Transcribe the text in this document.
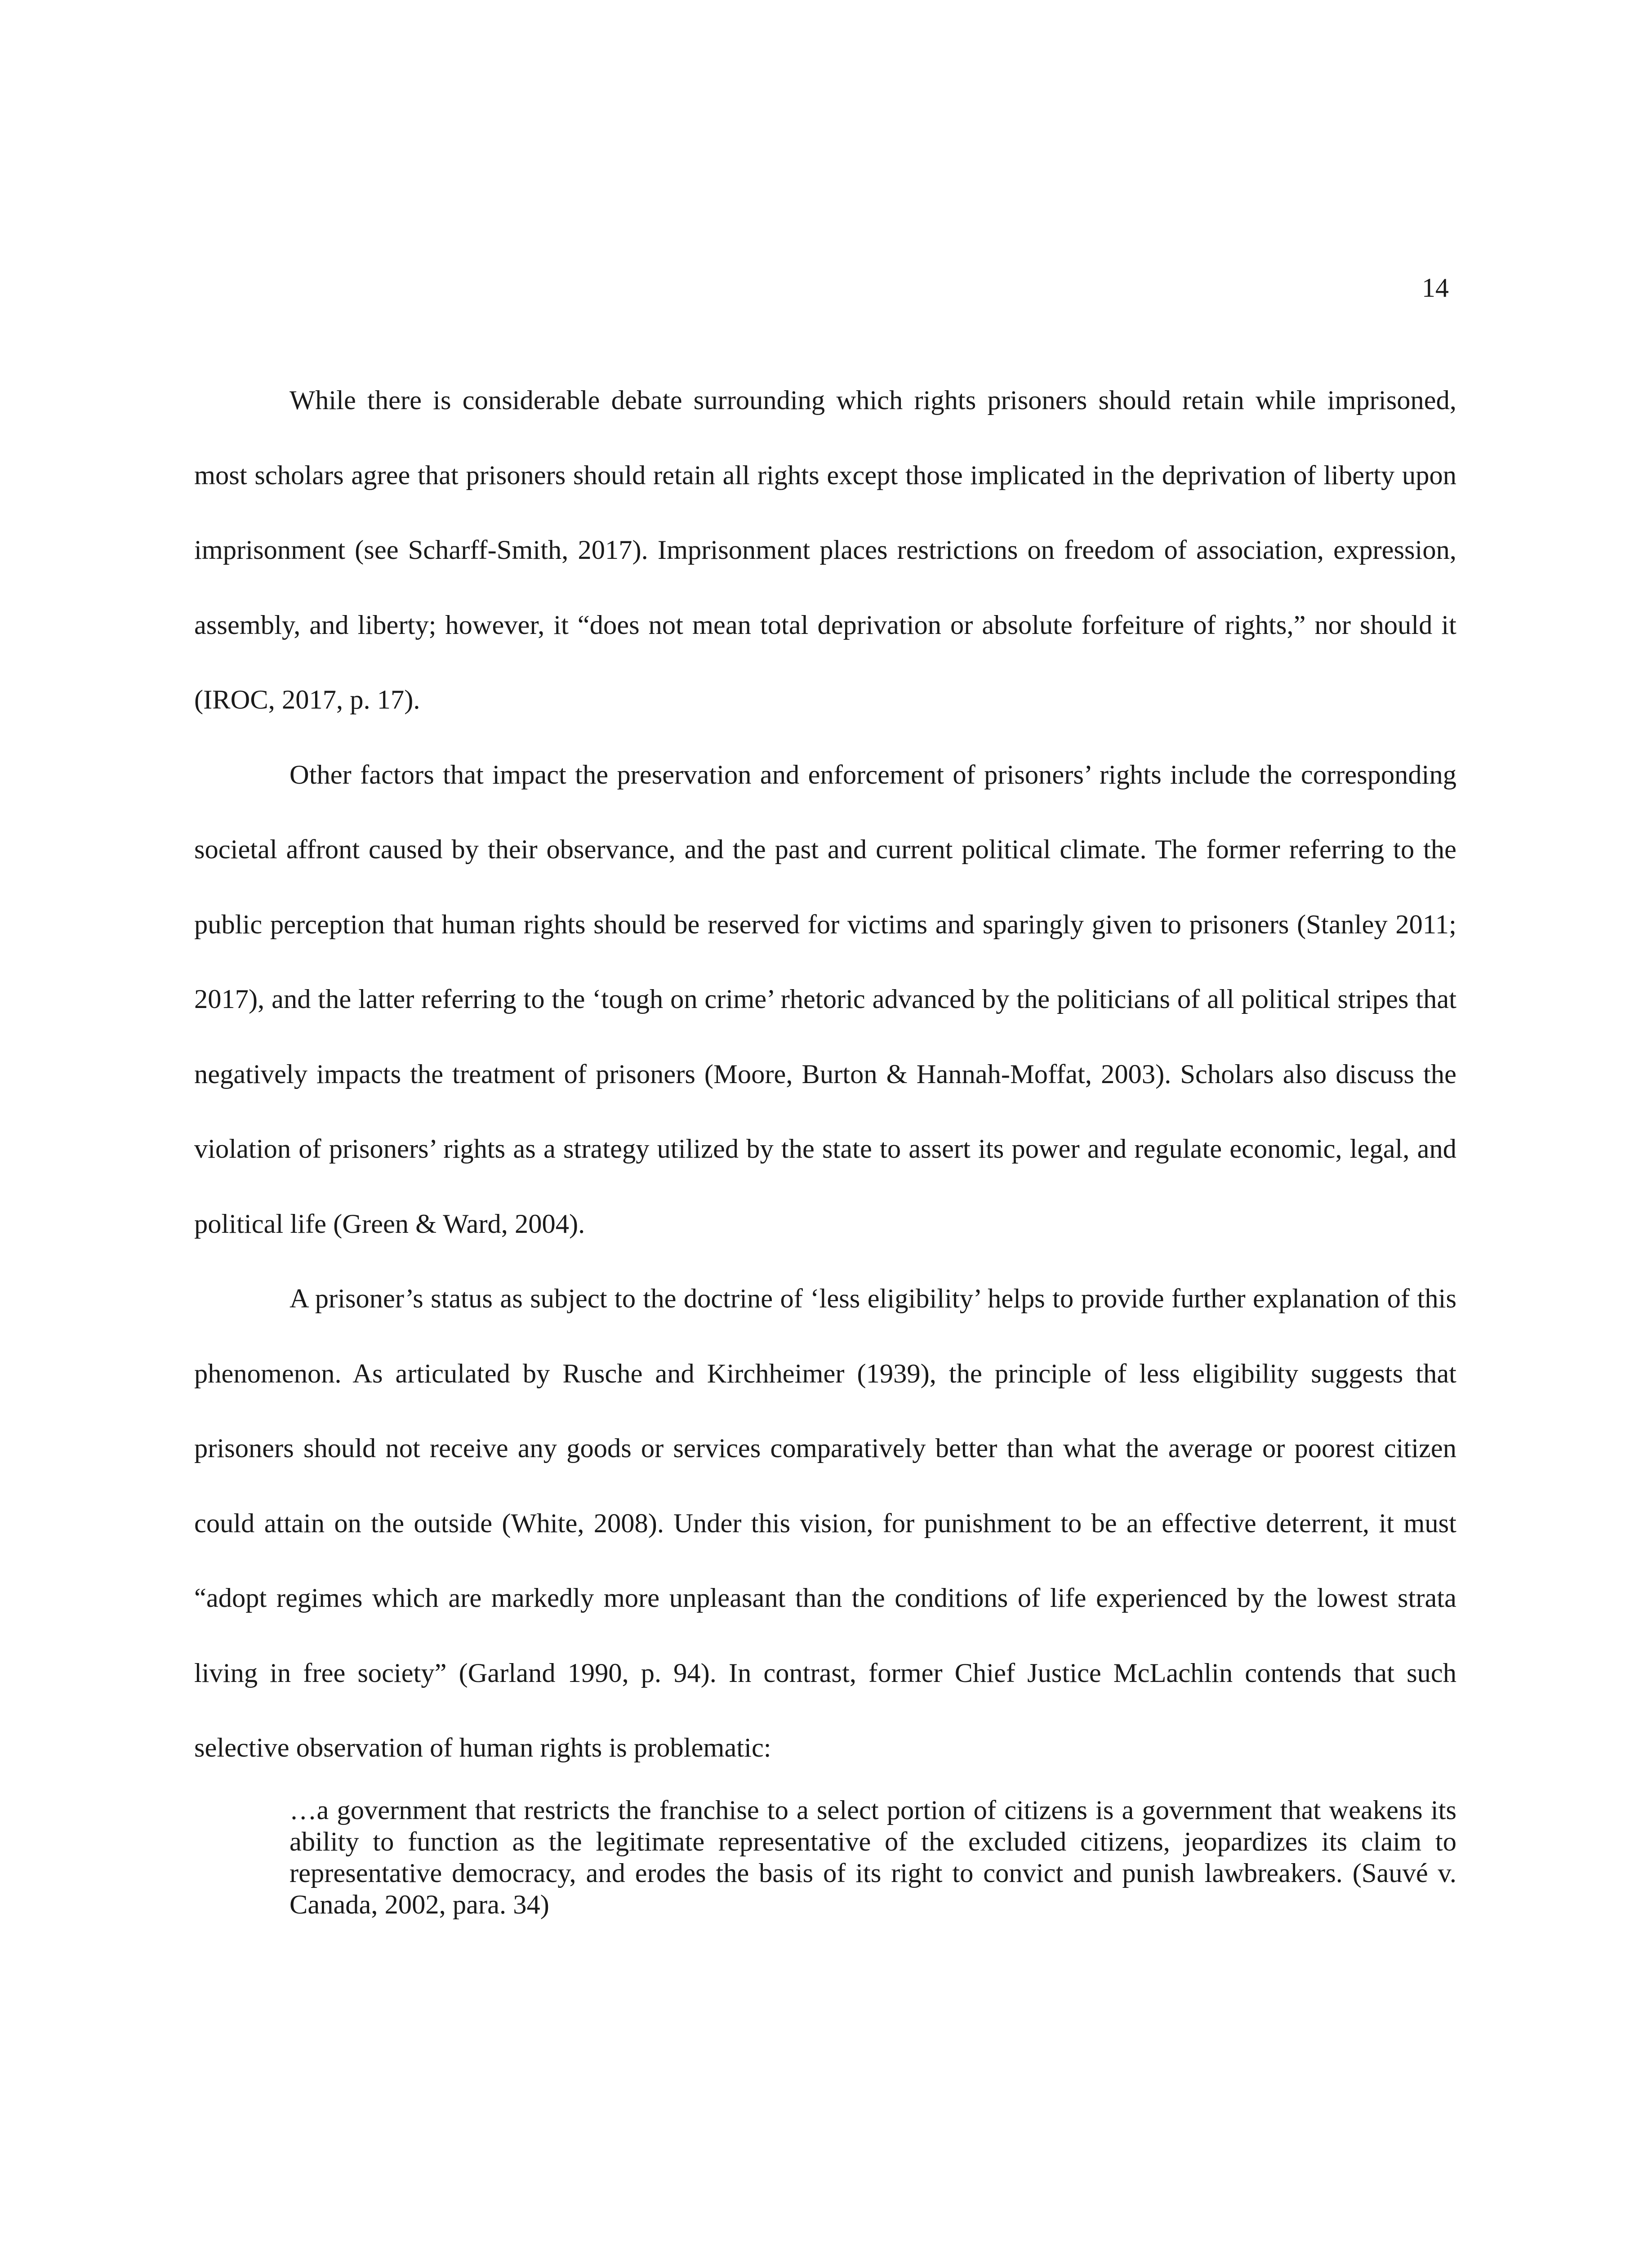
14

While there is considerable debate surrounding which rights prisoners should retain while imprisoned, most scholars agree that prisoners should retain all rights except those implicated in the deprivation of liberty upon imprisonment (see Scharff-Smith, 2017). Imprisonment places restrictions on freedom of association, expression, assembly, and liberty; however, it “does not mean total deprivation or absolute forfeiture of rights,” nor should it (IROC, 2017, p. 17).

Other factors that impact the preservation and enforcement of prisoners’ rights include the corresponding societal affront caused by their observance, and the past and current political climate. The former referring to the public perception that human rights should be reserved for victims and sparingly given to prisoners (Stanley 2011; 2017), and the latter referring to the ‘tough on crime’ rhetoric advanced by the politicians of all political stripes that negatively impacts the treatment of prisoners (Moore, Burton & Hannah-Moffat, 2003). Scholars also discuss the violation of prisoners’ rights as a strategy utilized by the state to assert its power and regulate economic, legal, and political life (Green & Ward, 2004).

A prisoner’s status as subject to the doctrine of ‘less eligibility’ helps to provide further explanation of this phenomenon. As articulated by Rusche and Kirchheimer (1939), the principle of less eligibility suggests that prisoners should not receive any goods or services comparatively better than what the average or poorest citizen could attain on the outside (White, 2008). Under this vision, for punishment to be an effective deterrent, it must “adopt regimes which are markedly more unpleasant than the conditions of life experienced by the lowest strata living in free society” (Garland 1990, p. 94). In contrast, former Chief Justice McLachlin contends that such selective observation of human rights is problematic:

…a government that restricts the franchise to a select portion of citizens is a government that weakens its ability to function as the legitimate representative of the excluded citizens, jeopardizes its claim to representative democracy, and erodes the basis of its right to convict and punish lawbreakers. (Sauvé v. Canada, 2002, para. 34)
